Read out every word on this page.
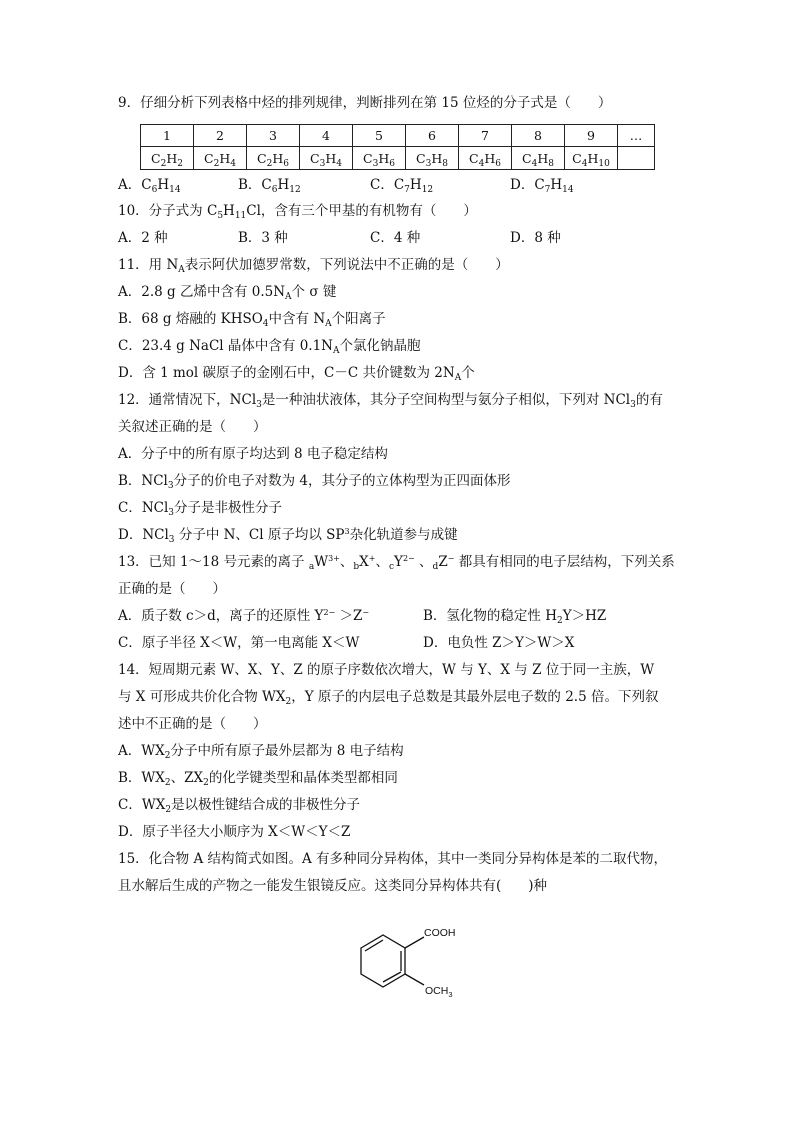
9．仔细分析下列表格中烃的排列规律，判断排列在第 15 位烃的分子式是（　　）
1	2	3	4	5	6	7	8	9	…
$C_2H_2$	$C_2H_4$	$C_2H_6$	$C_3H_4$	$C_3H_6$	$C_3H_8$	$C_4H_6$	$C_4H_8$	$C_4H_{10}$	
A．$C_6H_{14}$	B．$C_6H_{12}$	C．$C_7H_{12}$	D．$C_7H_{14}$
10．分子式为 $C_5H_{11}Cl$，含有三个甲基的有机物有（　　）
A．2 种	B．3 种	C．4 种	D．8 种
11．用 $N_A$表示阿伏加德罗常数，下列说法中不正确的是（　　）
A．2.8 g 乙烯中含有 $0.5N_A$个 σ 键
B．68 g 熔融的 $KHSO_4$中含有 $N_A$个阳离子
C．23.4 g NaCl 晶体中含有 $0.1N_A$个氯化钠晶胞
D．含 1 mol 碳原子的金刚石中，C－C 共价键数为 $2N_A$个
12．通常情况下，NCl$_3$是一种油状液体，其分子空间构型与氨分子相似，下列对 NCl$_3$的有
关叙述正确的是（　　）
A．分子中的所有原子均达到 8 电子稳定结构
B．NCl$_3$分子的价电子对数为 4，其分子的立体构型为正四面体形
C．NCl$_3$分子是非极性分子
D．NCl$_3$ 分子中 N、Cl 原子均以 $SP^3$杂化轨道参与成键
13．已知 1～18 号元素的离子 $_aW^{3+}$、$_b$X+、$_cY^{2-}$ 、$_d$Z− 都具有相同的电子层结构，下列关系
正确的是（　　）
A．质子数 c＞d，离子的还原性 $Y^{2-} >Z^-$	B．氢化物的稳定性 $H_2Y>HZ$
C．原子半径 X＜W，第一电离能 X＜W	D．电负性 Z＞Y＞W＞X
14．短周期元素 W、X、Y、Z 的原子序数依次增大，W 与 Y、X 与 Z 位于同一主族，W
与 X 可形成共价化合物 $WX_2$，Y 原子的内层电子总数是其最外层电子数的 2.5 倍。下列叙
述中不正确的是（　　）
A．$WX_2$分子中所有原子最外层都为 8 电子结构
B．$WX_2$、$ZX_2$的化学键类型和晶体类型都相同
C．$WX_2$是以极性键结合成的非极性分子
D．原子半径大小顺序为 X＜W＜Y＜Z
15．化合物 A 结构简式如图。A 有多种同分异构体，其中一类同分异构体是苯的二取代物，
且水解后生成的产物之一能发生银镜反应。这类同分异构体共有(　　)种
COOH
$OCH_3$
